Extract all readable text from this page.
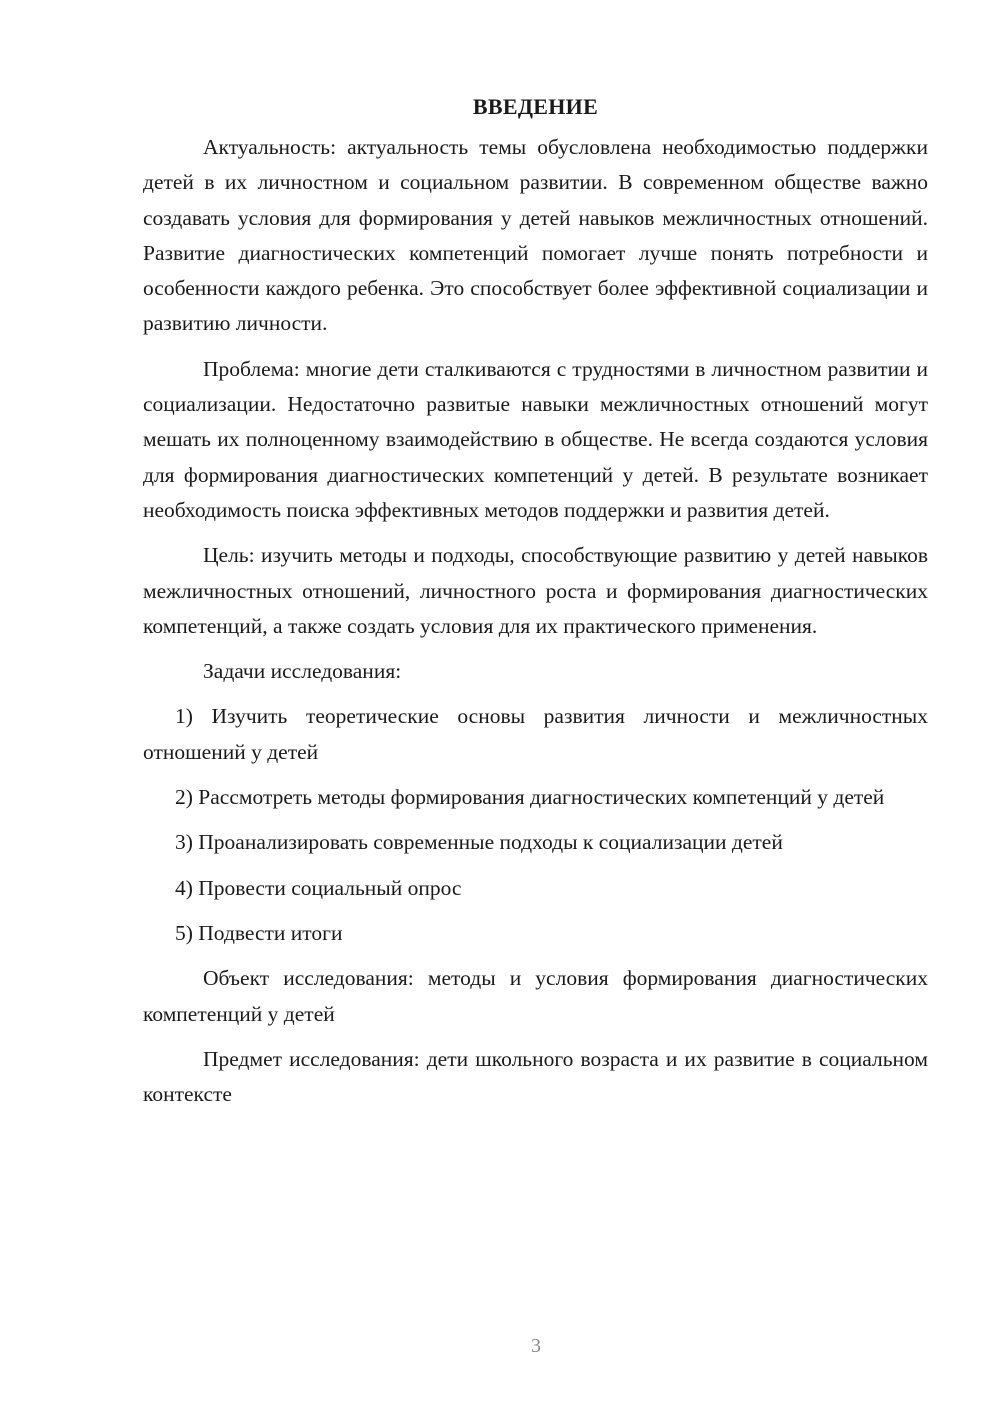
ВВЕДЕНИЕ

Актуальность: актуальность темы обусловлена необходимостью поддержки детей в их личностном и социальном развитии. В современном обществе важно создавать условия для формирования у детей навыков межличностных отношений. Развитие диагностических компетенций помогает лучше понять потребности и особенности каждого ребенка. Это способствует более эффективной социализации и развитию личности.

Проблема: многие дети сталкиваются с трудностями в личностном развитии и социализации. Недостаточно развитые навыки межличностных отношений могут мешать их полноценному взаимодействию в обществе. Не всегда создаются условия для формирования диагностических компетенций у детей. В результате возникает необходимость поиска эффективных методов поддержки и развития детей.

Цель: изучить методы и подходы, способствующие развитию у детей навыков межличностных отношений, личностного роста и формирования диагностических компетенций, а также создать условия для их практического применения.

Задачи исследования:

1) Изучить теоретические основы развития личности и межличностных отношений у детей

2) Рассмотреть методы формирования диагностических компетенций у детей

3) Проанализировать современные подходы к социализации детей

4) Провести социальный опрос

5) Подвести итоги

Объект исследования: методы и условия формирования диагностических компетенций у детей

Предмет исследования: дети школьного возраста и их развитие в социальном контексте

3
